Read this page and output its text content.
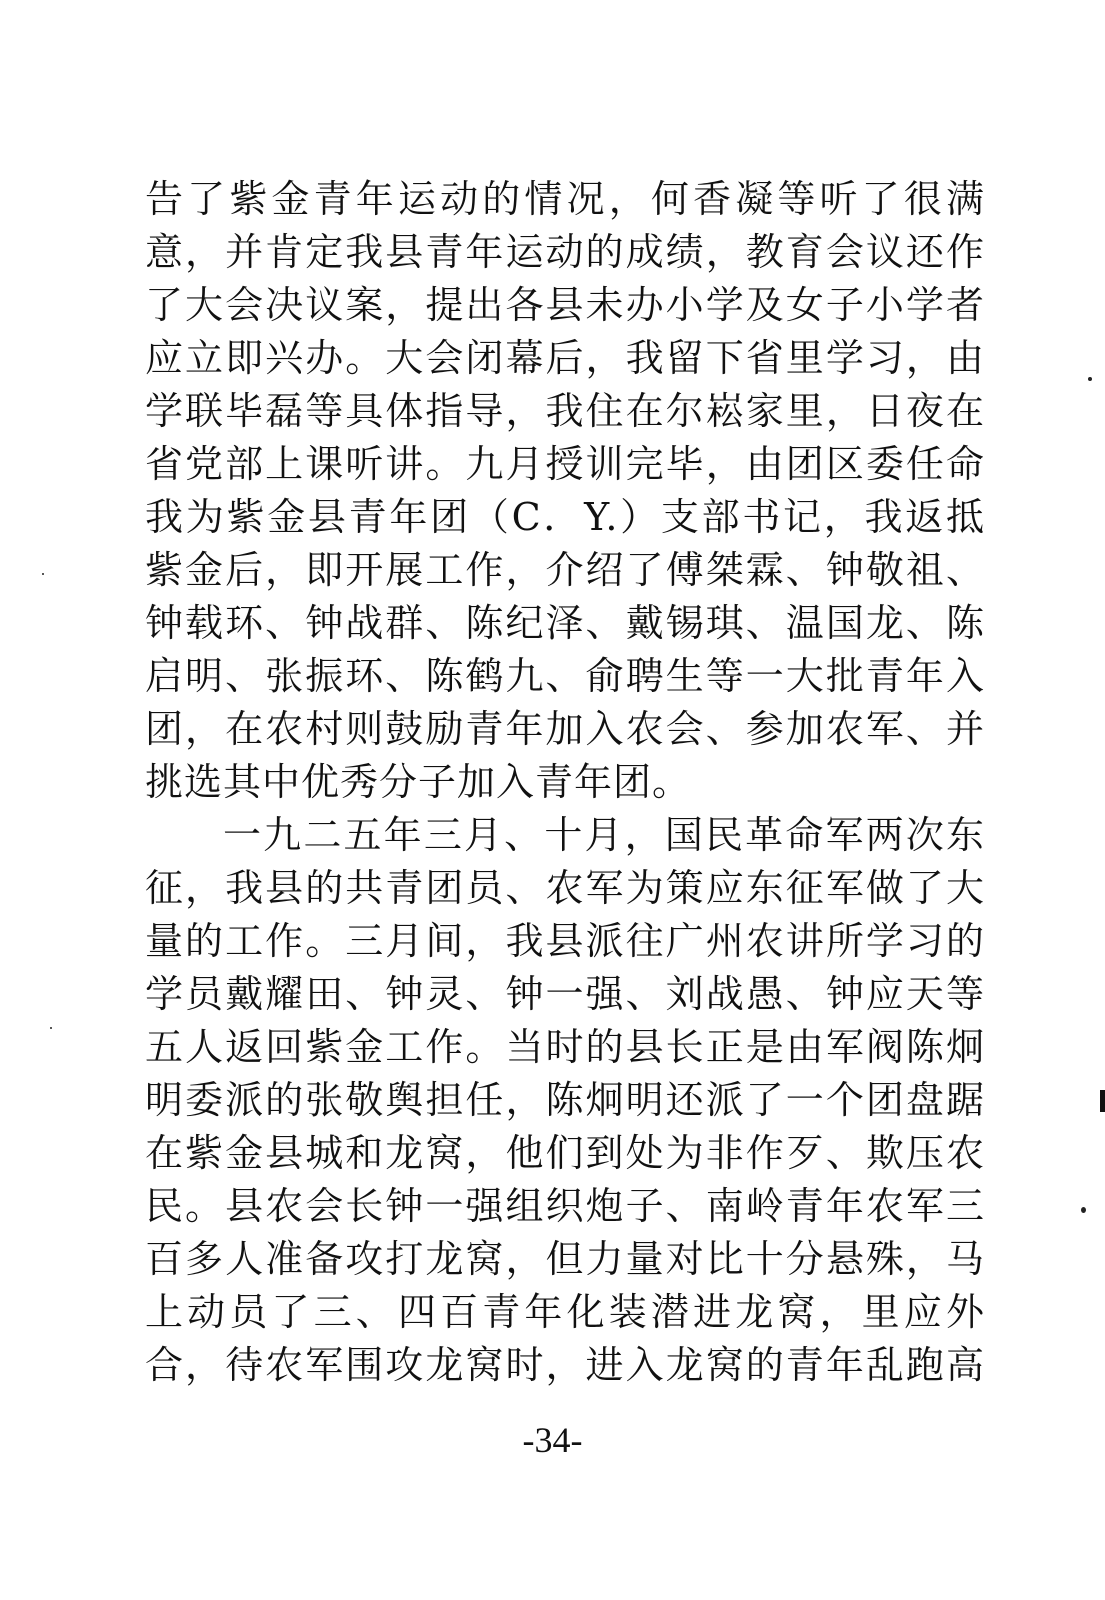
告了紫金青年运动的情况，何香凝等听了很满
意，并肯定我县青年运动的成绩，教育会议还作
了大会决议案，提出各县未办小学及女子小学者
应立即兴办。大会闭幕后，我留下省里学习，由
学联毕磊等具体指导，我住在尔崧家里，日夜在
省党部上课听讲。九月授训完毕，由团区委任命
我为紫金县青年团（C．Y.）支部书记，我返抵
紫金后，即开展工作，介绍了傅桀霖、钟敬祖、
钟载环、钟战群、陈纪泽、戴锡琪、温国龙、陈
启明、张振环、陈鹤九、俞聘生等一大批青年入
团，在农村则鼓励青年加入农会、参加农军、并
挑选其中优秀分子加入青年团。
一九二五年三月、十月，国民革命军两次东
征，我县的共青团员、农军为策应东征军做了大
量的工作。三月间，我县派往广州农讲所学习的
学员戴耀田、钟灵、钟一强、刘战愚、钟应天等
五人返回紫金工作。当时的县长正是由军阀陈炯
明委派的张敬舆担任，陈炯明还派了一个团盘踞
在紫金县城和龙窝，他们到处为非作歹、欺压农
民。县农会长钟一强组织炮子、南岭青年农军三
百多人准备攻打龙窝，但力量对比十分悬殊，马
上动员了三、四百青年化装潜进龙窝，里应外
合，待农军围攻龙窝时，进入龙窝的青年乱跑高
-34-
